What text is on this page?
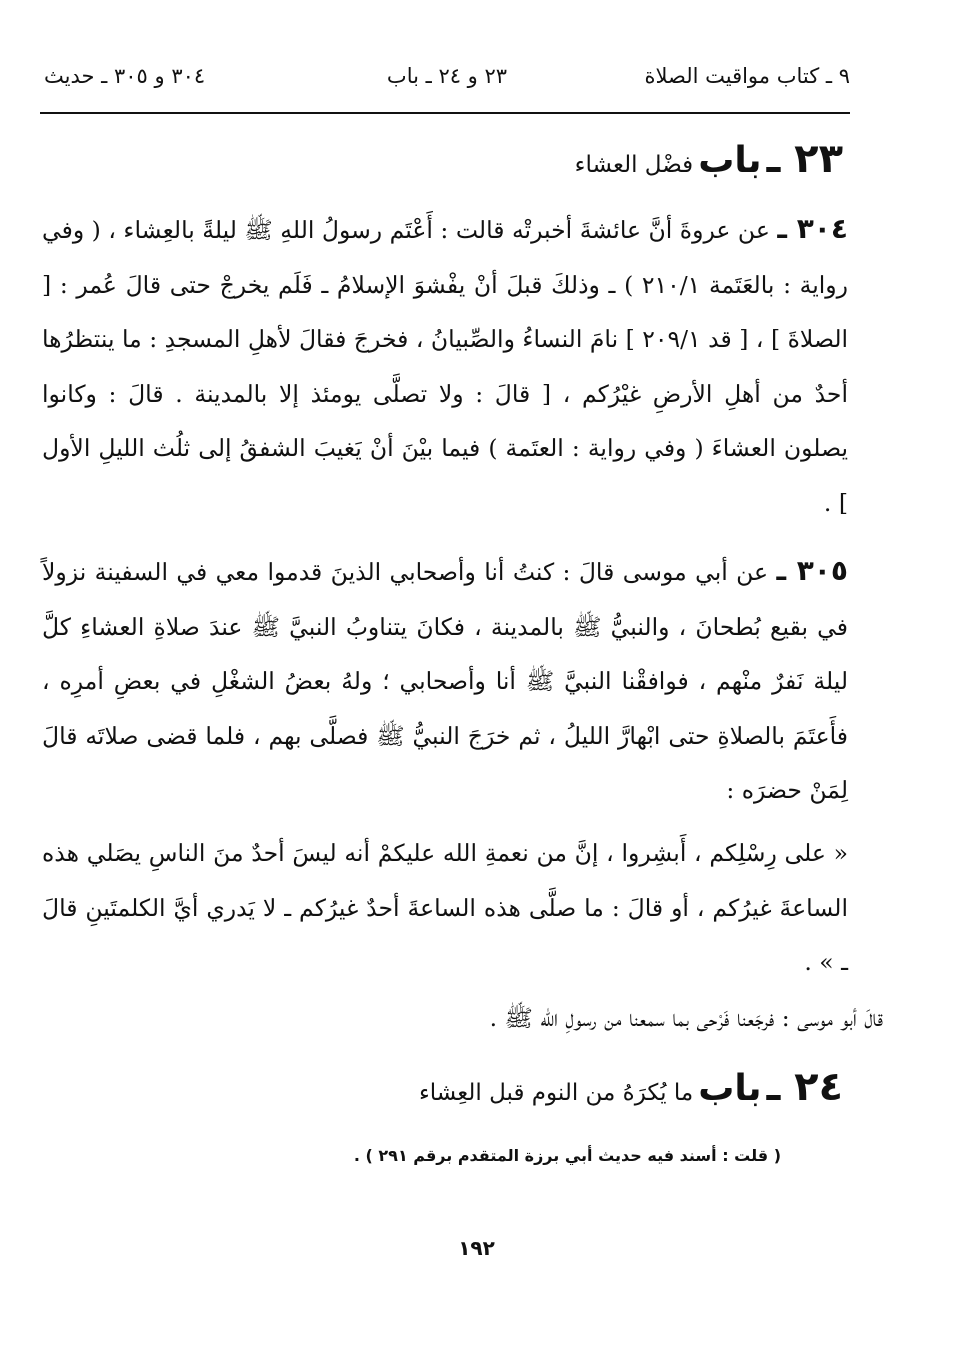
٩ ـ كتاب مواقيت الصلاة
٢٣ و ٢٤ ـ باب
٣٠٤ و ٣٠٥ ـ حديث
٢٣ ـ باب فضْل العشاء
٣٠٤ ـ عن عروةَ أنَّ عائشةَ أخبرتْه قالت : أَعْتَم رسولُ اللهِ ﷺ ليلةً بالعِشاء ، ( وفي رواية : بالعَتَمة ٢١٠/١ ) ـ وذلكَ قبلَ أنْ يفْشوَ الإسلامُ ـ فَلَم يخرجْ حتى قالَ عُمر : [ الصلاةَ ] ، [ قد ٢٠٩/١ ] نامَ النساءُ والصِّبيانُ ، فخرجَ فقالَ لأهلِ المسجدِ : ما ينتظرُها أحدٌ من أهلِ الأرضِ غيْرُكم ، [ قالَ : ولا تصلَّى يومئذ إلا بالمدينة . قالَ : وكانوا يصلون العشاءَ ( وفي رواية : العتَمة ) فيما بيْنَ أنْ يَغيبَ الشفقُ إلى ثلُث الليلِ الأول ] .
٣٠٥ ـ عن أبي موسى قالَ : كنتُ أنا وأصحابي الذينَ قدموا معي في السفينة نزولاً في بقيع بُطحانَ ، والنبيُّ ﷺ بالمدينة ، فكانَ يتناوبُ النبيَّ ﷺ عندَ صلاةِ العشاءِ كلَّ ليلة نَفرٌ منْهم ، فوافقْنا النبيَّ ﷺ أنا وأصحابي ؛ ولهُ بعضُ الشغْلِ في بعضِ أمرِه ، فأَعتَمَ بالصلاةِ حتى ابْهارَّ الليلُ ، ثم خرَجَ النبيُّ ﷺ فصلَّى بهم ، فلما قضى صلاتَه قالَ لِمَنْ حضرَه :
« على رِسْلِكم ، أَبشِروا ، إنَّ من نعمةِ الله عليكمْ أنه ليسَ أحدٌ منَ الناسِ يصَلي هذه الساعةَ غيرُكم ، أو قالَ : ما صلَّى هذه الساعةَ أحدٌ غيرُكم ـ لا يَدري أيَّ الكلمتَينِ قالَ ـ » .
قالَ أبو موسى : فرجَعنا فَرْحى بما سمعنا من رسولِ الله ﷺ .
٢٤ ـ باب ما يُكرَهُ من النوم قبل العِشاء
( قلت : أسند فيه حديث أبي برزة المتقدم برقم ٢٩١ ) .
١٩٢
